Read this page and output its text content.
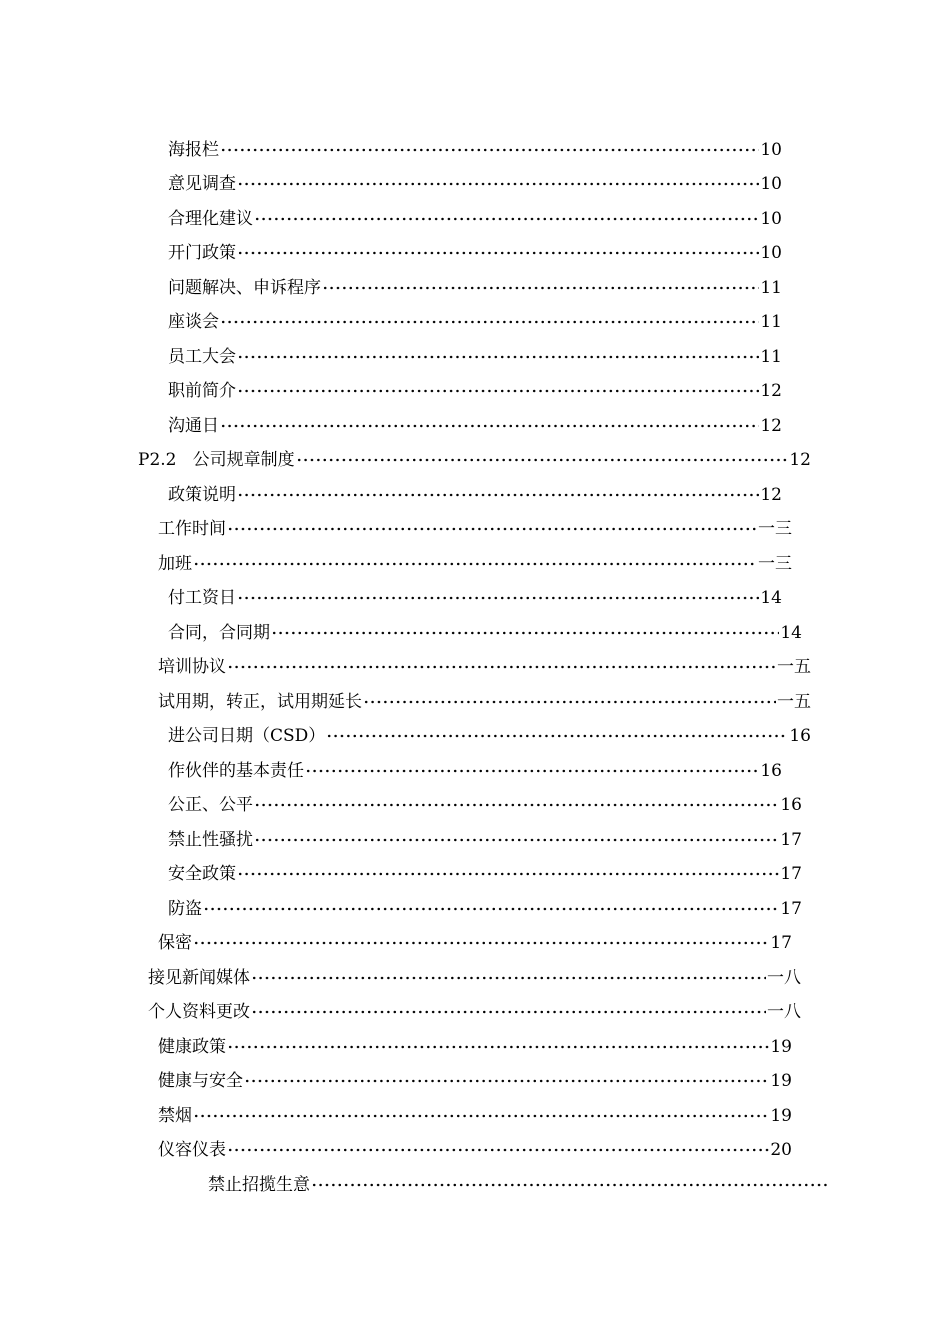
海报栏	10
意见调查	10
合理化建议	10
开门政策	10
问题解决、申诉程序	11
座谈会	11
员工大会	11
职前简介	12
沟通日	12
P2.2   公司规章制度	12
政策说明	12
工作时间	一三
加班	一三
付工资日	14
合同，合同期	14
培训协议	一五
试用期，转正，试用期延长	一五
进公司日期（CSD）	16
作伙伴的基本责任	16
公正、公平	16
禁止性骚扰	17
安全政策	17
防盗	17
保密	17
接见新闻媒体	一八
个人资料更改	一八
健康政策	19
健康与安全	19
禁烟	19
仪容仪表	20
禁止招揽生意
